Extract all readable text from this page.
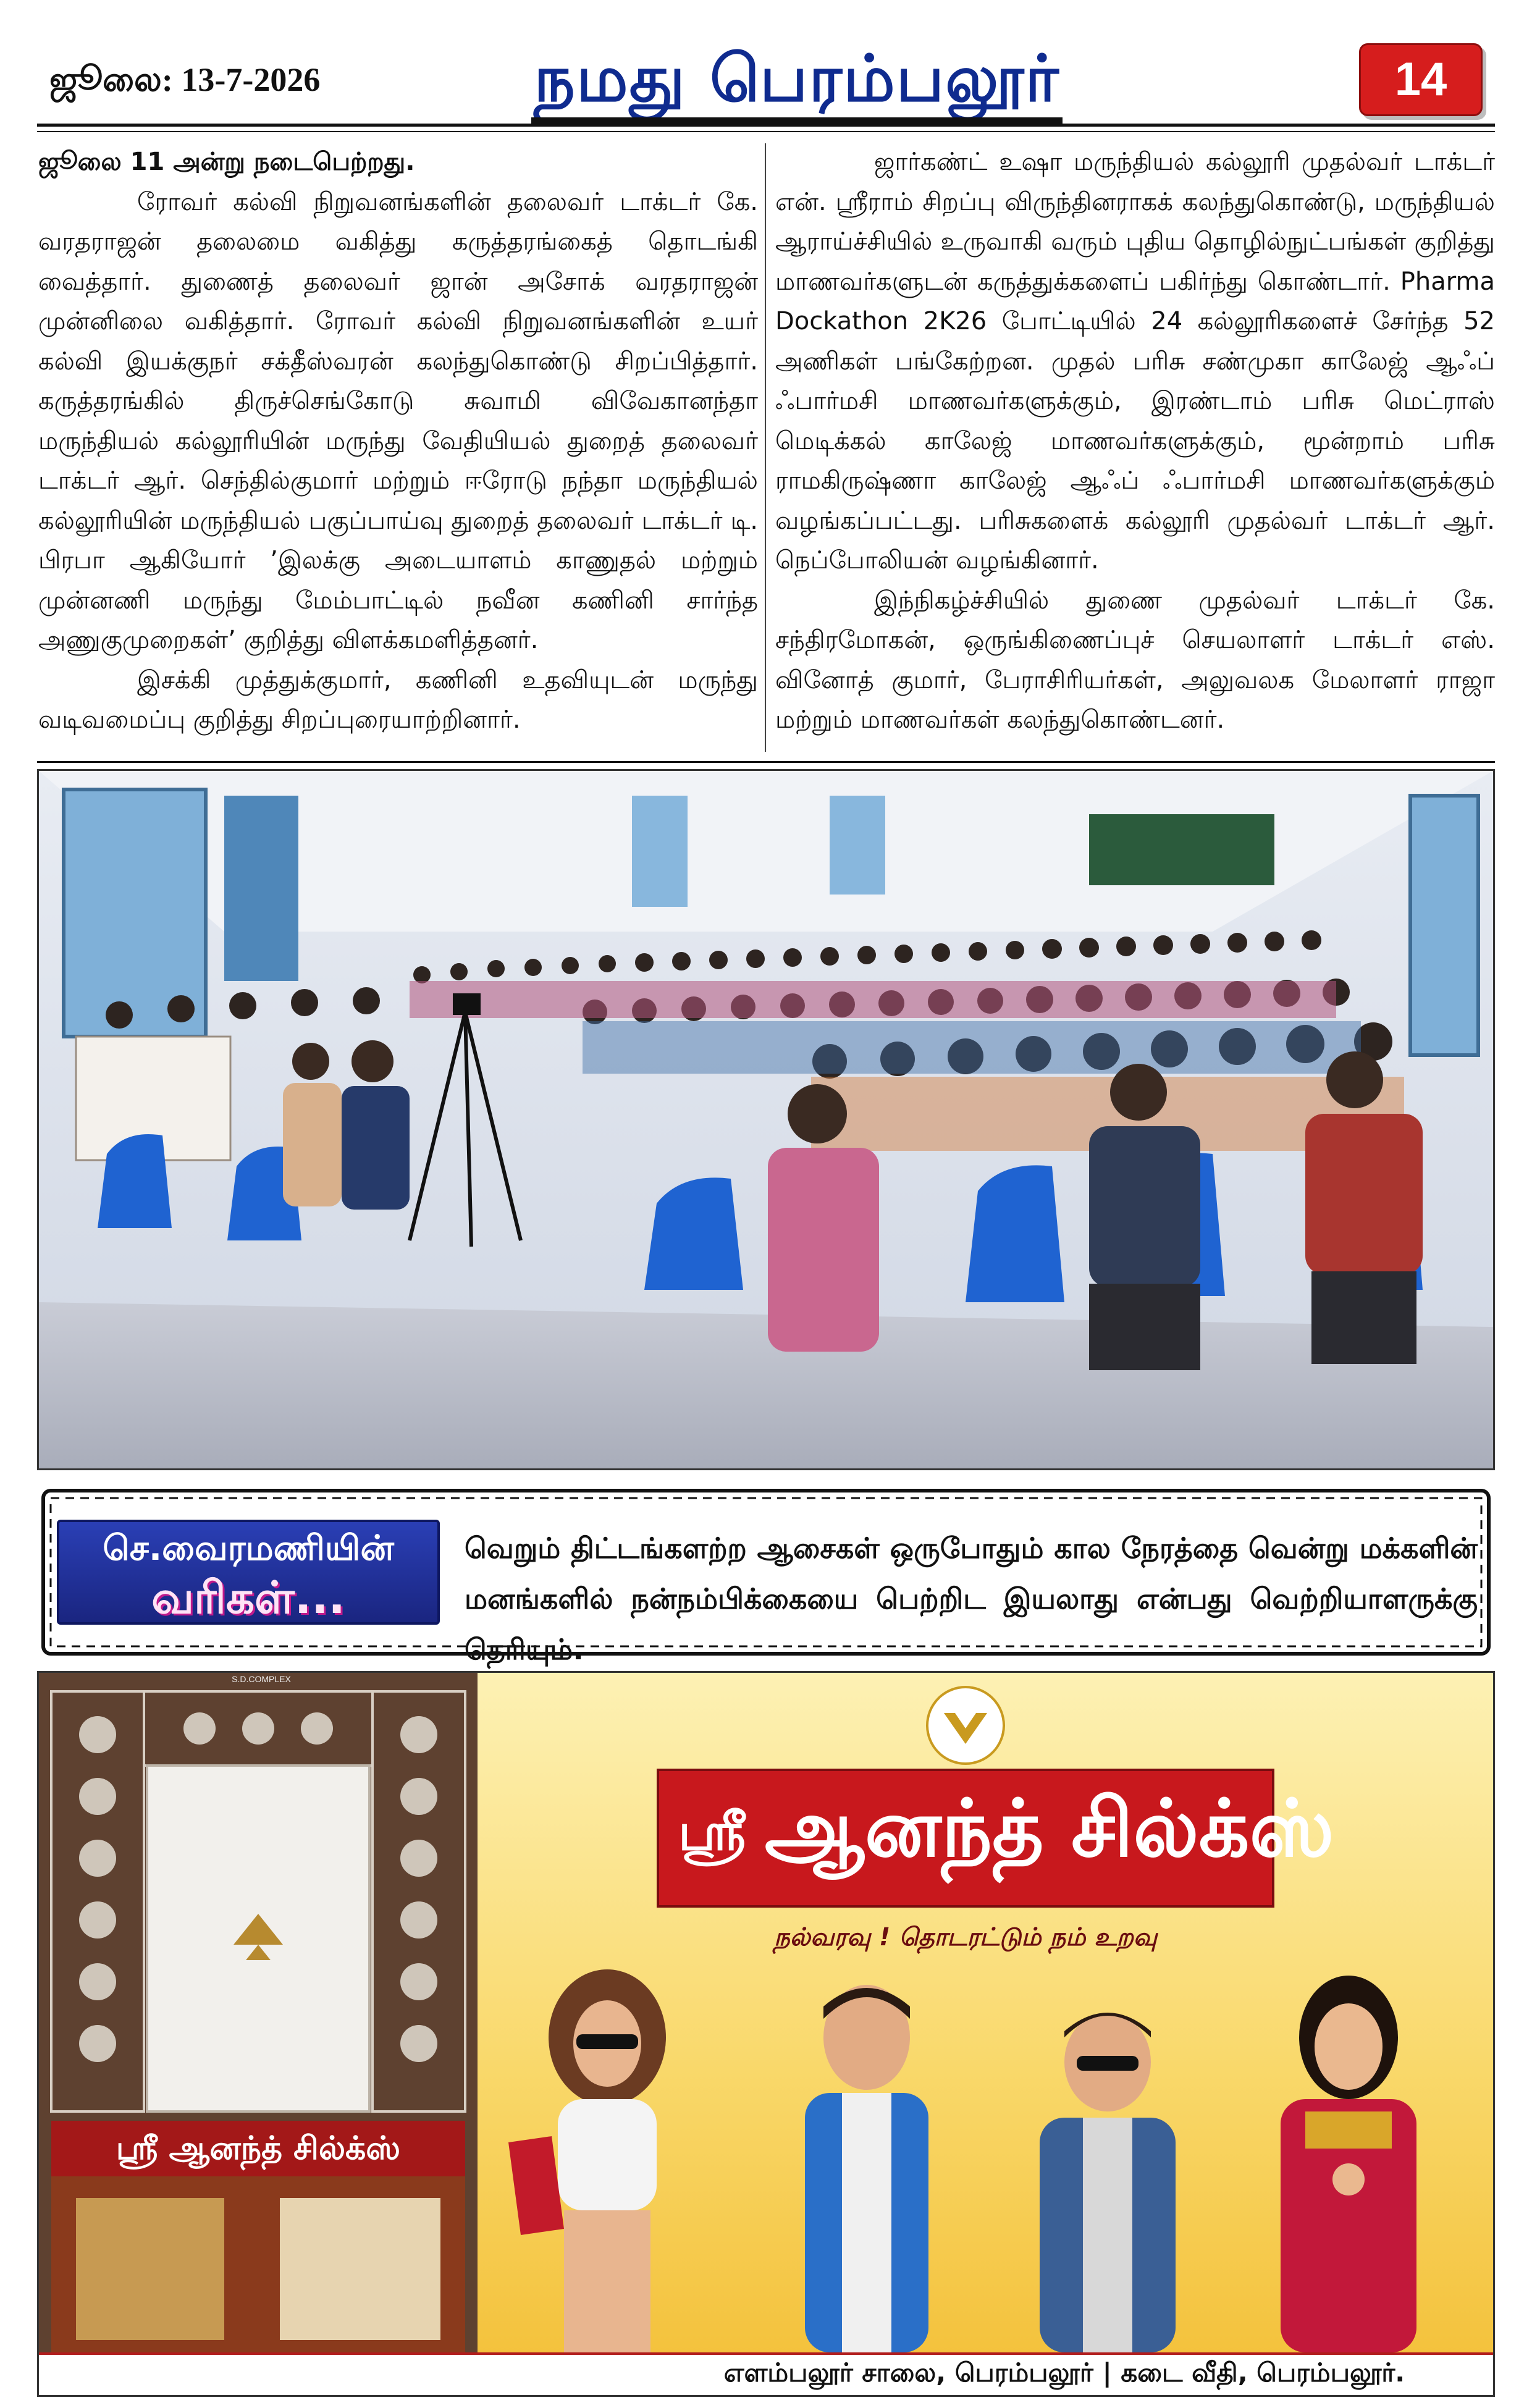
ஜூலை: 13-7-2026	நமது பெரம்பலூர்	14

ஜூலை 11 அன்று நடைபெற்றது.

ரோவர் கல்வி நிறுவனங்களின் தலைவர் டாக்டர் கே. வரதராஜன் தலைமை வகித்து கருத்தரங்கைத் தொடங்கி வைத்தார். துணைத் தலைவர் ஜான் அசோக் வரதராஜன் முன்னிலை வகித்தார். ரோவர் கல்வி நிறுவனங்களின் உயர் கல்வி இயக்குநர் சக்தீஸ்வரன் கலந்துகொண்டு சிறப்பித்தார். கருத்தரங்கில் திருச்செங்கோடு சுவாமி விவேகானந்தா மருந்தியல் கல்லூரியின் மருந்து வேதியியல் துறைத் தலைவர் டாக்டர் ஆர். செந்தில்குமார் மற்றும் ஈரோடு நந்தா மருந்தியல் கல்லூரியின் மருந்தியல் பகுப்பாய்வு துறைத் தலைவர் டாக்டர் டி. பிரபா ஆகியோர் ’இலக்கு அடையாளம் காணுதல் மற்றும் முன்னணி மருந்து மேம்பாட்டில் நவீன கணினி சார்ந்த அணுகுமுறைகள்’ குறித்து விளக்கமளித்தனர்.

இசக்கி முத்துக்குமார், கணினி உதவியுடன் மருந்து வடிவமைப்பு குறித்து சிறப்புரையாற்றினார்.

ஜார்கண்ட் உஷா மருந்தியல் கல்லூரி முதல்வர் டாக்டர் என். ஸ்ரீராம் சிறப்பு விருந்தினராகக் கலந்துகொண்டு, மருந்தியல் ஆராய்ச்சியில் உருவாகி வரும் புதிய தொழில்நுட்பங்கள் குறித்து மாணவர்களுடன் கருத்துக்களைப் பகிர்ந்து கொண்டார். Pharma Dockathon 2K26 போட்டியில் 24 கல்லூரிகளைச் சேர்ந்த 52 அணிகள் பங்கேற்றன. முதல் பரிசு சண்முகா காலேஜ் ஆஃப் ஃபார்மசி மாணவர்களுக்கும், இரண்டாம் பரிசு மெட்ராஸ் மெடிக்கல் காலேஜ் மாணவர்களுக்கும், மூன்றாம் பரிசு ராமகிருஷ்ணா காலேஜ் ஆஃப் ஃபார்மசி மாணவர்களுக்கும் வழங்கப்பட்டது. பரிசுகளைக் கல்லூரி முதல்வர் டாக்டர் ஆர். நெப்போலியன் வழங்கினார்.

இந்நிகழ்ச்சியில் துணை முதல்வர் டாக்டர் கே. சந்திரமோகன், ஒருங்கிணைப்புச் செயலாளர் டாக்டர் எஸ். வினோத் குமார், பேராசிரியர்கள், அலுவலக மேலாளர் ராஜா மற்றும் மாணவர்கள் கலந்துகொண்டனர்.

செ.வைரமணியின்
வரிகள்...
வெறும் திட்டங்களற்ற ஆசைகள் ஒருபோதும் கால நேரத்தை வென்று மக்களின் மனங்களில் நன்நம்பிக்கையை பெற்றிட இயலாது என்பது வெற்றியாளருக்கு தெரியும்.
S.D.COMPLEX
ஸ்ரீ ஆனந்த் சில்க்ஸ்
ஸ்ரீ ஆனந்த் சில்க்ஸ்
நல்வரவு ! தொடரட்டும் நம் உறவு
எளம்பலூர் சாலை, பெரம்பலூர் | கடை வீதி, பெரம்பலூர்.
